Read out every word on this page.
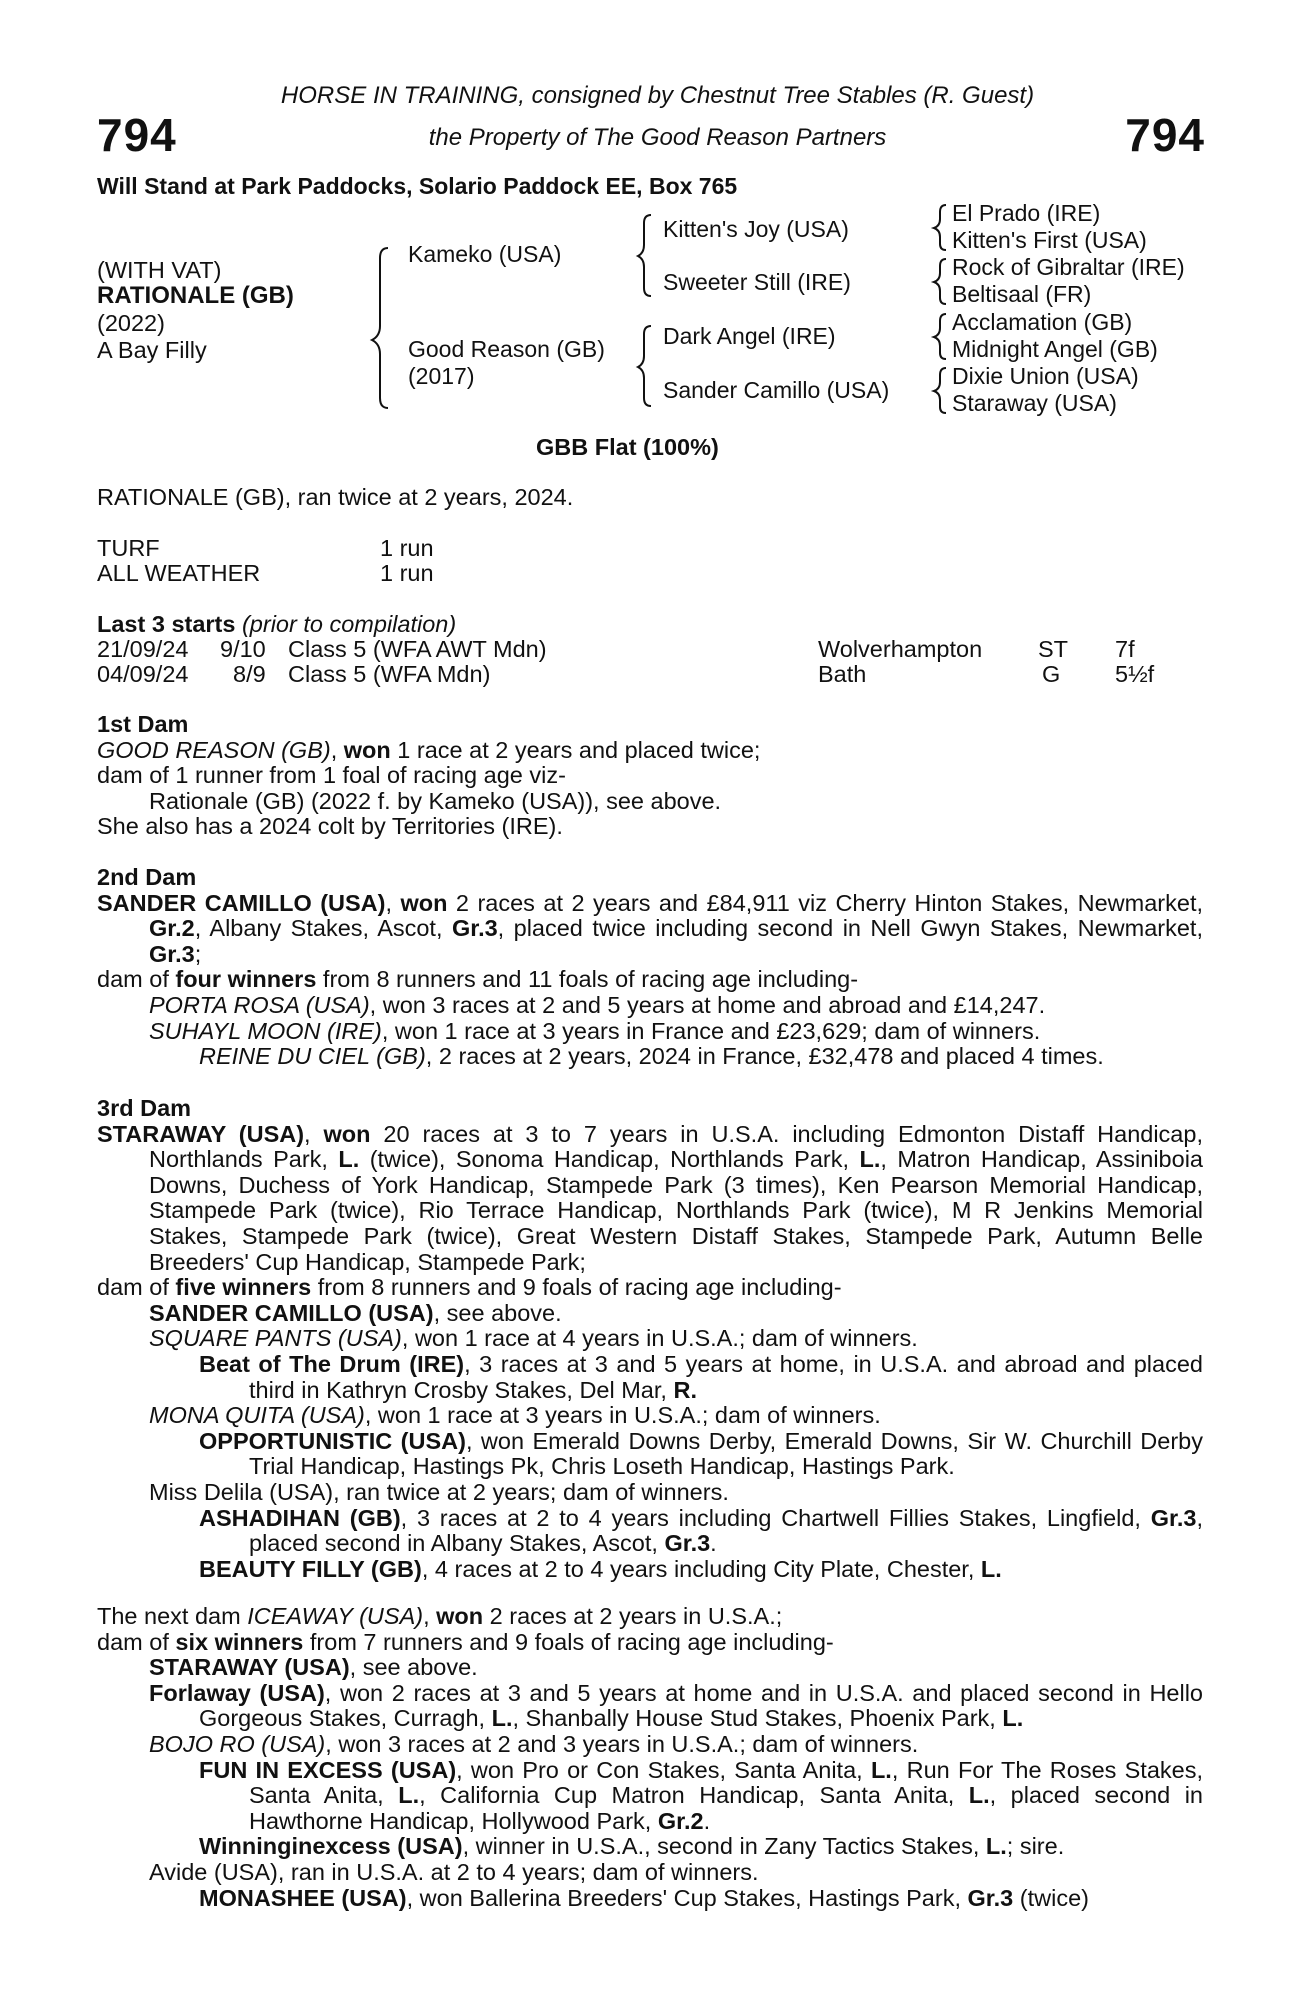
794	794
HORSE IN TRAINING, consigned by Chestnut Tree Stables (R. Guest)
the Property of The Good Reason Partners
Will Stand at Park Paddocks, Solario Paddock EE, Box 765
(WITH VAT)
RATIONALE (GB)
(2022)
A Bay Filly
Kameko (USA)
Good Reason (GB)
(2017)
Kitten's Joy (USA)
Sweeter Still (IRE)
Dark Angel (IRE)
Sander Camillo (USA)
El Prado (IRE)
Kitten's First (USA)
Rock of Gibraltar (IRE)
Beltisaal (FR)
Acclamation (GB)
Midnight Angel (GB)
Dixie Union (USA)
Staraway (USA)
GBB Flat (100%)
RATIONALE (GB), ran twice at 2 years, 2024.
TURF	1 run
ALL WEATHER	1 run
Last 3 starts (prior to compilation)
21/09/24 9/10 Class 5 (WFA AWT Mdn)	Wolverhampton ST 7f
04/09/24 8/9 Class 5 (WFA Mdn)	Bath	G 5½f

1st Dam

GOOD REASON (GB), won 1 race at 2 years and placed twice;

dam of 1 runner from 1 foal of racing age viz-

Rationale (GB) (2022 f. by Kameko (USA)), see above.

She also has a 2024 colt by Territories (IRE).

2nd Dam

SANDER CAMILLO (USA), won 2 races at 2 years and £84,911 viz Cherry Hinton Stakes, Newmarket, Gr.2, Albany Stakes, Ascot, Gr.3, placed twice including second in Nell Gwyn Stakes, Newmarket, Gr.3;

dam of four winners from 8 runners and 11 foals of racing age including-

PORTA ROSA (USA), won 3 races at 2 and 5 years at home and abroad and £14,247.

SUHAYL MOON (IRE), won 1 race at 3 years in France and £23,629; dam of winners.

REINE DU CIEL (GB), 2 races at 2 years, 2024 in France, £32,478 and placed 4 times.

3rd Dam

STARAWAY (USA), won 20 races at 3 to 7 years in U.S.A. including Edmonton Distaff Handicap, Northlands Park, L. (twice), Sonoma Handicap, Northlands Park, L., Matron Handicap, Assiniboia Downs, Duchess of York Handicap, Stampede Park (3 times), Ken Pearson Memorial Handicap, Stampede Park (twice), Rio Terrace Handicap, Northlands Park (twice), M R Jenkins Memorial Stakes, Stampede Park (twice), Great Western Distaff Stakes, Stampede Park, Autumn Belle Breeders' Cup Handicap, Stampede Park;

dam of five winners from 8 runners and 9 foals of racing age including-

SANDER CAMILLO (USA), see above.

SQUARE PANTS (USA), won 1 race at 4 years in U.S.A.; dam of winners.

Beat of The Drum (IRE), 3 races at 3 and 5 years at home, in U.S.A. and abroad and placed third in Kathryn Crosby Stakes, Del Mar, R.

MONA QUITA (USA), won 1 race at 3 years in U.S.A.; dam of winners.

OPPORTUNISTIC (USA), won Emerald Downs Derby, Emerald Downs, Sir W. Churchill Derby Trial Handicap, Hastings Pk, Chris Loseth Handicap, Hastings Park.

Miss Delila (USA), ran twice at 2 years; dam of winners.

ASHADIHAN (GB), 3 races at 2 to 4 years including Chartwell Fillies Stakes, Lingfield, Gr.3, placed second in Albany Stakes, Ascot, Gr.3.

BEAUTY FILLY (GB), 4 races at 2 to 4 years including City Plate, Chester, L.

The next dam ICEAWAY (USA), won 2 races at 2 years in U.S.A.;

dam of six winners from 7 runners and 9 foals of racing age including-

STARAWAY (USA), see above.

Forlaway (USA), won 2 races at 3 and 5 years at home and in U.S.A. and placed second in Hello Gorgeous Stakes, Curragh, L., Shanbally House Stud Stakes, Phoenix Park, L.

BOJO RO (USA), won 3 races at 2 and 3 years in U.S.A.; dam of winners.

FUN IN EXCESS (USA), won Pro or Con Stakes, Santa Anita, L., Run For The Roses Stakes, Santa Anita, L., California Cup Matron Handicap, Santa Anita, L., placed second in Hawthorne Handicap, Hollywood Park, Gr.2.

Winninginexcess (USA), winner in U.S.A., second in Zany Tactics Stakes, L.; sire.

Avide (USA), ran in U.S.A. at 2 to 4 years; dam of winners.

MONASHEE (USA), won Ballerina Breeders' Cup Stakes, Hastings Park, Gr.3 (twice)
